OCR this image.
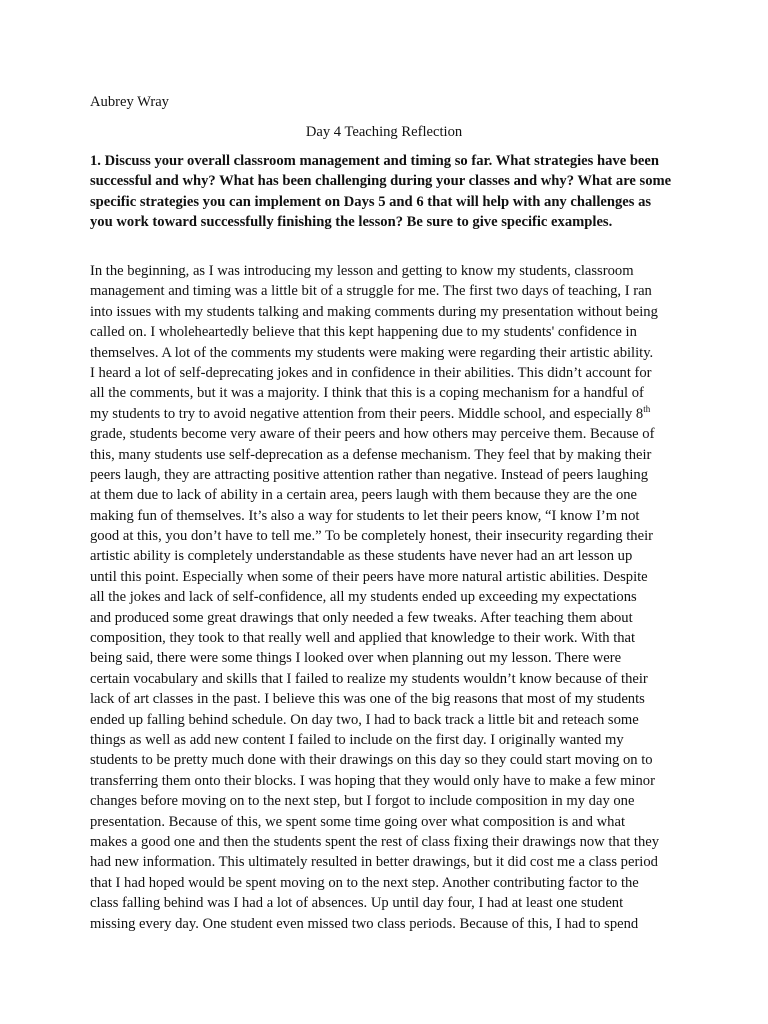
Aubrey Wray
Day 4 Teaching Reflection
1. Discuss your overall classroom management and timing so far. What strategies have been successful and why? What has been challenging during your classes and why? What are some specific strategies you can implement on Days 5 and 6 that will help with any challenges as you work toward successfully finishing the lesson? Be sure to give specific examples.
In the beginning, as I was introducing my lesson and getting to know my students, classroom
management and timing was a little bit of a struggle for me. The first two days of teaching, I ran
into issues with my students talking and making comments during my presentation without being
called on. I wholeheartedly believe that this kept happening due to my students' confidence in
themselves. A lot of the comments my students were making were regarding their artistic ability.
I heard a lot of self-deprecating jokes and in confidence in their abilities. This didn’t account for
all the comments, but it was a majority. I think that this is a coping mechanism for a handful of
my students to try to avoid negative attention from their peers. Middle school, and especially 8th
grade, students become very aware of their peers and how others may perceive them. Because of
this, many students use self-deprecation as a defense mechanism. They feel that by making their
peers laugh, they are attracting positive attention rather than negative. Instead of peers laughing
at them due to lack of ability in a certain area, peers laugh with them because they are the one
making fun of themselves. It’s also a way for students to let their peers know, “I know I’m not
good at this, you don’t have to tell me.” To be completely honest, their insecurity regarding their
artistic ability is completely understandable as these students have never had an art lesson up
until this point. Especially when some of their peers have more natural artistic abilities. Despite
all the jokes and lack of self-confidence, all my students ended up exceeding my expectations
and produced some great drawings that only needed a few tweaks. After teaching them about
composition, they took to that really well and applied that knowledge to their work. With that
being said, there were some things I looked over when planning out my lesson. There were
certain vocabulary and skills that I failed to realize my students wouldn’t know because of their
lack of art classes in the past. I believe this was one of the big reasons that most of my students
ended up falling behind schedule. On day two, I had to back track a little bit and reteach some
things as well as add new content I failed to include on the first day. I originally wanted my
students to be pretty much done with their drawings on this day so they could start moving on to
transferring them onto their blocks. I was hoping that they would only have to make a few minor
changes before moving on to the next step, but I forgot to include composition in my day one
presentation. Because of this, we spent some time going over what composition is and what
makes a good one and then the students spent the rest of class fixing their drawings now that they
had new information. This ultimately resulted in better drawings, but it did cost me a class period
that I had hoped would be spent moving on to the next step. Another contributing factor to the
class falling behind was I had a lot of absences. Up until day four, I had at least one student
missing every day. One student even missed two class periods. Because of this, I had to spend
